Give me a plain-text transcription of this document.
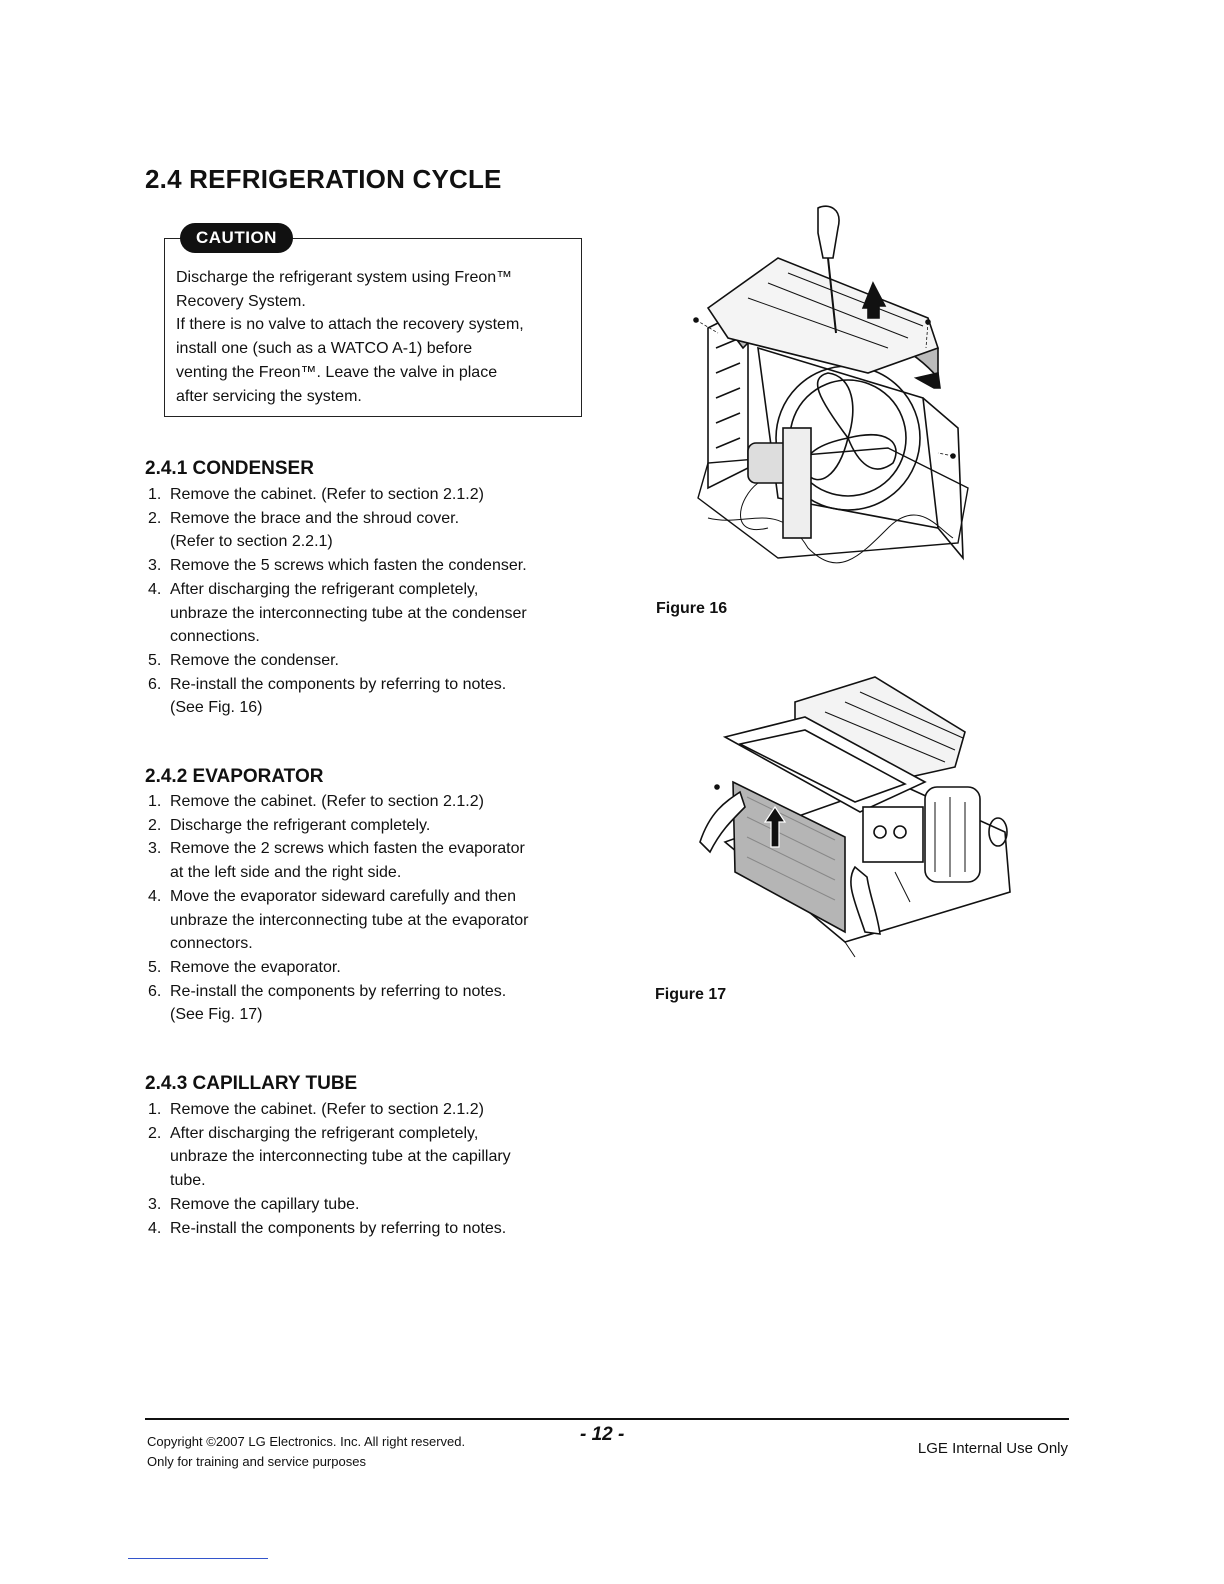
2.4 REFRIGERATION CYCLE
CAUTION
Discharge the refrigerant system using Freon™
Recovery System.
If there is no valve to attach the recovery system,
install one (such as a WATCO A-1) before
venting the Freon™. Leave the valve in place
after servicing the system.
2.4.1 CONDENSER
1. Remove the cabinet. (Refer to section 2.1.2)
2. Remove the brace and the shroud cover.
(Refer to section 2.2.1)
3. Remove the 5 screws which fasten the condenser.
4. After discharging the refrigerant completely,
unbraze the interconnecting tube at the condenser
connections.
5. Remove the condenser.
6. Re-install the components by referring to notes.
(See Fig. 16)
2.4.2 EVAPORATOR
1. Remove the cabinet. (Refer to section 2.1.2)
2. Discharge the refrigerant completely.
3. Remove the 2 screws which fasten the evaporator
at the left side and the right side.
4. Move the evaporator sideward carefully and then
unbraze the interconnecting tube at the evaporator
connectors.
5. Remove the evaporator.
6. Re-install the components by referring to notes.
(See Fig. 17)
2.4.3 CAPILLARY TUBE
1. Remove the cabinet. (Refer to section 2.1.2)
2. After discharging the refrigerant completely,
unbraze the interconnecting tube at the capillary
tube.
3. Remove the capillary tube.
4. Re-install the components by referring to notes.
Figure 16
Figure 17
Copyright ©2007 LG Electronics. Inc. All right reserved.
Only for training and service purposes
- 12 -
LGE Internal Use Only
